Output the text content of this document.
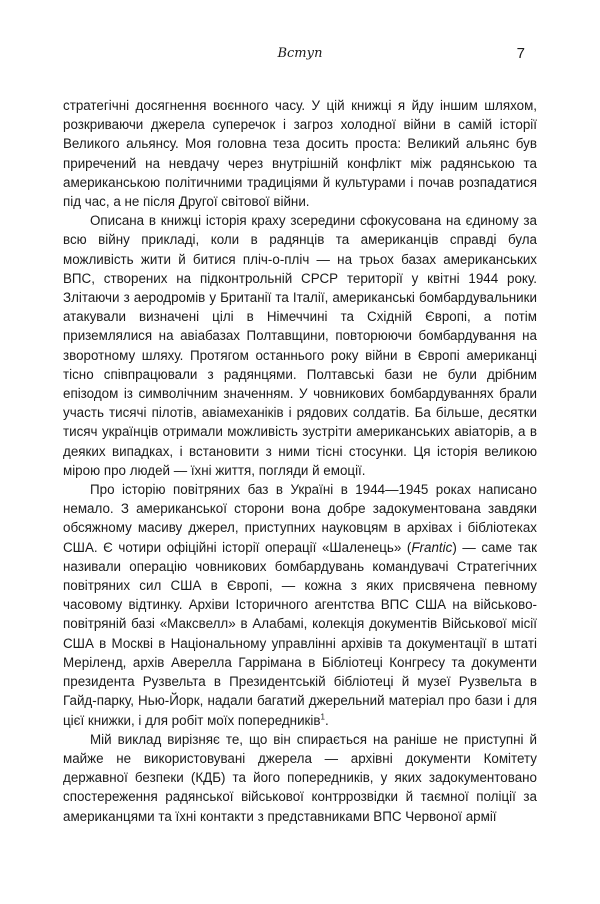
Вступ	7

стратегічні досягнення воєнного часу. У цій книжці я йду іншим шляхом, розкриваючи джерела суперечок і загроз холодної війни в самій історії Великого альянсу. Моя головна теза досить проста: Великий альянс був приречений на невдачу через внутрішній конфлікт між радянською та американською політичними традиціями й культурами і почав розпадатися під час, а не після Другої світової війни.

Описана в книжці історія краху зсередини сфокусована на єдиному за всю війну прикладі, коли в радянців та американців справді була можливість жити й битися пліч-о-пліч — на трьох базах американських ВПС, створених на підконтрольній СРСР території у квітні 1944 року. Злітаючи з аеродромів у Британії та Італії, американські бомбардувальники атакували визначені цілі в Німеччині та Східній Європі, а потім приземлялися на авіабазах Полтавщини, повторюючи бомбардування на зворотному шляху. Протягом останнього року війни в Європі американці тісно співпрацювали з радянцями. Полтавські бази не були дрібним епізодом із символічним значенням. У човникових бомбардуваннях брали участь тисячі пілотів, авіамеханіків і рядових солдатів. Ба більше, десятки тисяч українців отримали можливість зустріти американських авіаторів, а в деяких випадках, і встановити з ними тісні стосунки. Ця історія великою мірою про людей — їхні життя, погляди й емоції.

Про історію повітряних баз в Україні в 1944—1945 роках написано немало. З американської сторони вона добре задокументована завдяки обсяжному масиву джерел, приступних науковцям в архівах і бібліотеках США. Є чотири офіційні історії операції «Шаленець» (Frantic) — саме так називали операцію човникових бомбардувань командувачі Стратегічних повітряних сил США в Європі, — кожна з яких присвячена певному часовому відтинку. Архіви Історичного агентства ВПС США на військово-повітряній базі «Максвелл» в Алабамі, колекція документів Військової місії США в Москві в Національному управлінні архівів та документації в штаті Меріленд, архів Аверелла Гаррімана в Бібліотеці Конгресу та документи президента Рузвельта в Президентській бібліотеці й музеї Рузвельта в Гайд-парку, Нью-Йорк, надали багатий джерельний матеріал про бази і для цієї книжки, і для робіт моїх попередників$^1$.

Мій виклад вирізняє те, що він спирається на раніше не приступні й майже не використовувані джерела — архівні документи Комітету державної безпеки (КДБ) та його попередників, у яких задокументовано спостереження радянської військової контррозвідки й таємної поліції за американцями та їхні контакти з представниками ВПС Червоної армії
